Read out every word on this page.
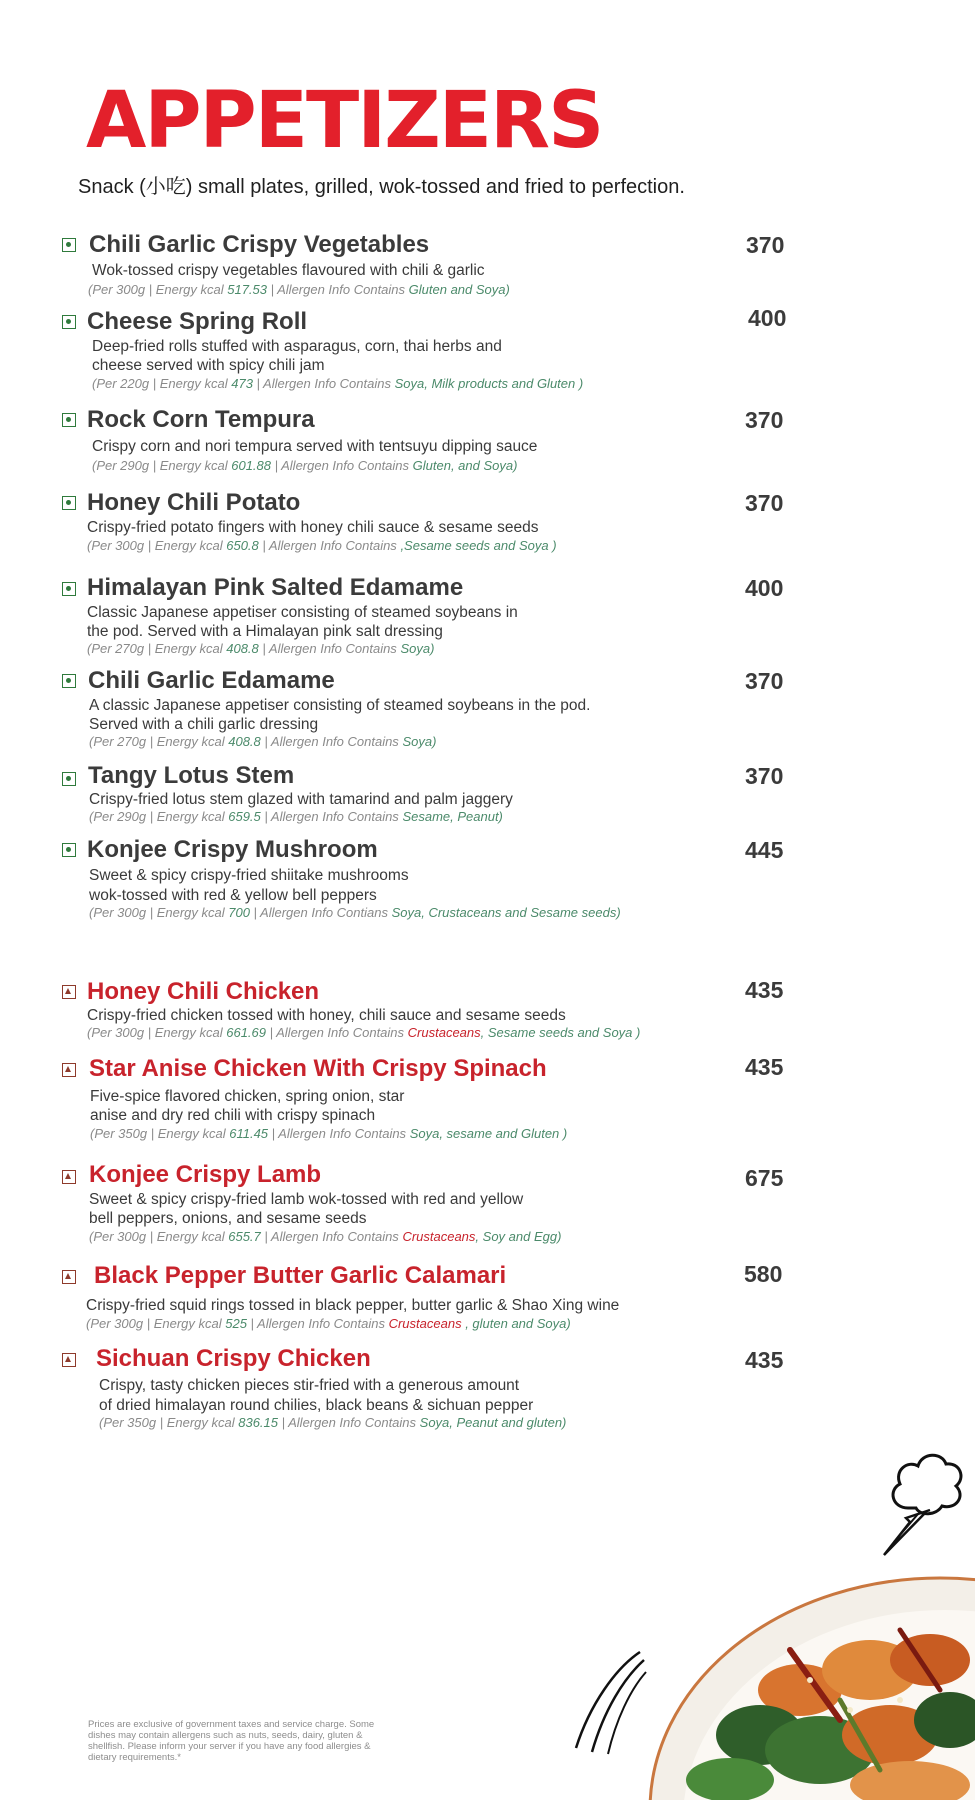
APPETIZERS
Snack (小吃) small plates, grilled, wok-tossed and fried to perfection.
Chili Garlic Crispy Vegetables	370
Wok-tossed crispy vegetables flavoured with chili & garlic
(Per 300g | Energy kcal 517.53 | Allergen Info Contains Gluten and Soya)
Cheese Spring Roll	400
Deep-fried rolls stuffed with asparagus, corn, thai herbs and
cheese served with spicy chili jam
(Per 220g | Energy kcal 473 | Allergen Info Contains Soya, Milk products and Gluten )
Rock Corn Tempura	370
Crispy corn and nori tempura served with tentsuyu dipping sauce
(Per 290g | Energy kcal 601.88 | Allergen Info Contains Gluten, and Soya)
Honey Chili Potato	370
Crispy-fried potato fingers with honey chili sauce & sesame seeds
(Per 300g | Energy kcal 650.8 | Allergen Info Contains ,Sesame seeds and Soya )
Himalayan Pink Salted Edamame	400
Classic Japanese appetiser consisting of steamed soybeans in
the pod. Served with a Himalayan pink salt dressing
(Per 270g | Energy kcal 408.8 | Allergen Info Contains Soya)
Chili Garlic Edamame	370
A classic Japanese appetiser consisting of steamed soybeans in the pod.
Served with a chili garlic dressing
(Per 270g | Energy kcal 408.8 | Allergen Info Contains Soya)
Tangy Lotus Stem	370
Crispy-fried lotus stem glazed with tamarind and palm jaggery
(Per 290g | Energy kcal 659.5 | Allergen Info Contains Sesame, Peanut)
Konjee Crispy Mushroom	445
Sweet & spicy crispy-fried shiitake mushrooms
wok-tossed with red & yellow bell peppers
(Per 300g | Energy kcal 700 | Allergen Info Contians Soya, Crustaceans and Sesame seeds)
Honey Chili Chicken	435
Crispy-fried chicken tossed with honey, chili sauce and sesame seeds
(Per 300g | Energy kcal 661.69 | Allergen Info Contains Crustaceans, Sesame seeds and Soya )
Star Anise Chicken With Crispy Spinach	435
Five-spice flavored chicken, spring onion, star
anise and dry red chili with crispy spinach
(Per 350g | Energy kcal 611.45 | Allergen Info Contains Soya, sesame and Gluten )
Konjee Crispy Lamb	675
Sweet & spicy crispy-fried lamb wok-tossed with red and yellow
bell peppers, onions, and sesame seeds
(Per 300g | Energy kcal 655.7 | Allergen Info Contains Crustaceans, Soy and Egg)
Black Pepper Butter Garlic Calamari	580
Crispy-fried squid rings tossed in black pepper, butter garlic & Shao Xing wine
(Per 300g | Energy kcal 525 | Allergen Info Contains Crustaceans , gluten and Soya)
Sichuan Crispy Chicken	435
Crispy, tasty chicken pieces stir-fried with a generous amount
of dried himalayan round chilies, black beans & sichuan pepper
(Per 350g | Energy kcal 836.15 | Allergen Info Contains Soya, Peanut and gluten)
Prices are exclusive of government taxes and service charge. Some dishes may contain allergens such as nuts, seeds, dairy, gluten & shellfish. Please inform your server if you have any food allergies & dietary requirements.*
